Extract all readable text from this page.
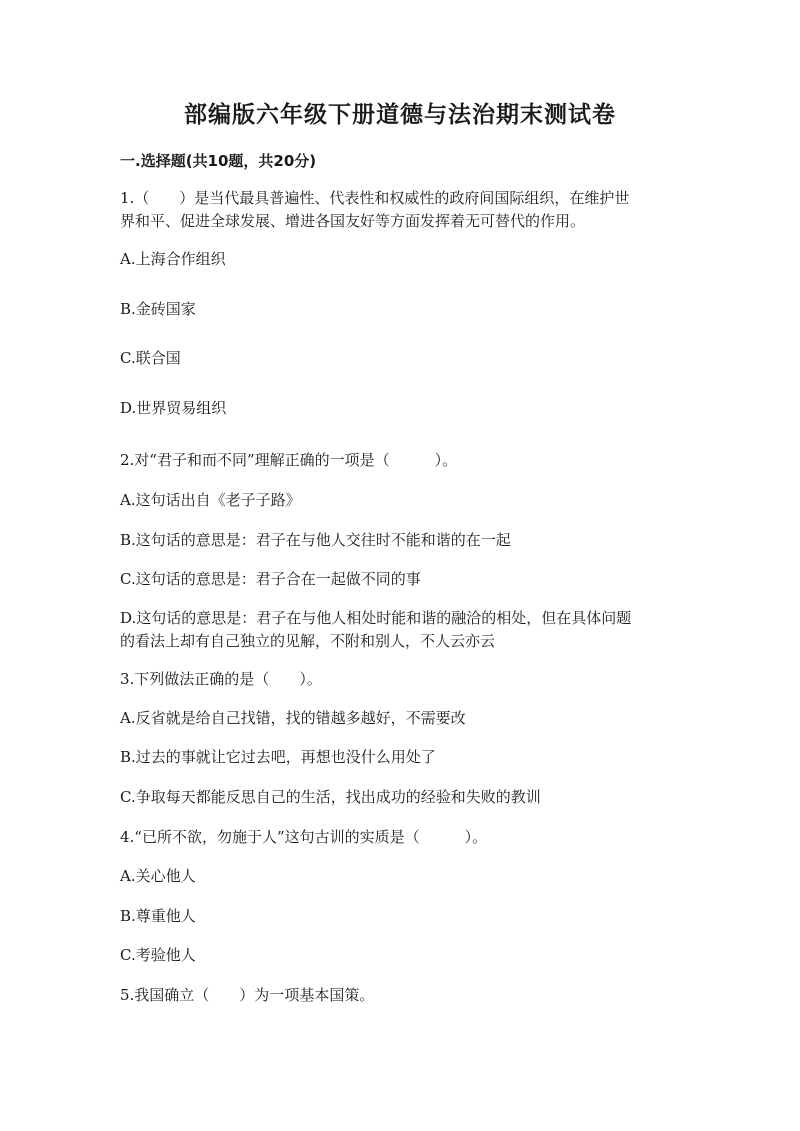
部编版六年级下册道德与法治期末测试卷
一.选择题(共10题，共20分)
1.（　　）是当代最具普遍性、代表性和权威性的政府间国际组织，在维护世
界和平、促进全球发展、增进各国友好等方面发挥着无可替代的作用。
A.上海合作组织
B.金砖国家
C.联合国
D.世界贸易组织
2.对“君子和而不同”理解正确的一项是（　　　）。
A.这句话出自《老子子路》
B.这句话的意思是：君子在与他人交往时不能和谐的在一起
C.这句话的意思是：君子合在一起做不同的事
D.这句话的意思是：君子在与他人相处时能和谐的融洽的相处，但在具体问题
的看法上却有自己独立的见解，不附和别人，不人云亦云
3.下列做法正确的是（　　）。
A.反省就是给自己找错，找的错越多越好，不需要改
B.过去的事就让它过去吧，再想也没什么用处了
C.争取每天都能反思自己的生活，找出成功的经验和失败的教训
4.“已所不欲，勿施于人”这句古训的实质是（　　　）。
A.关心他人
B.尊重他人
C.考验他人
5.我国确立（　　）为一项基本国策。
